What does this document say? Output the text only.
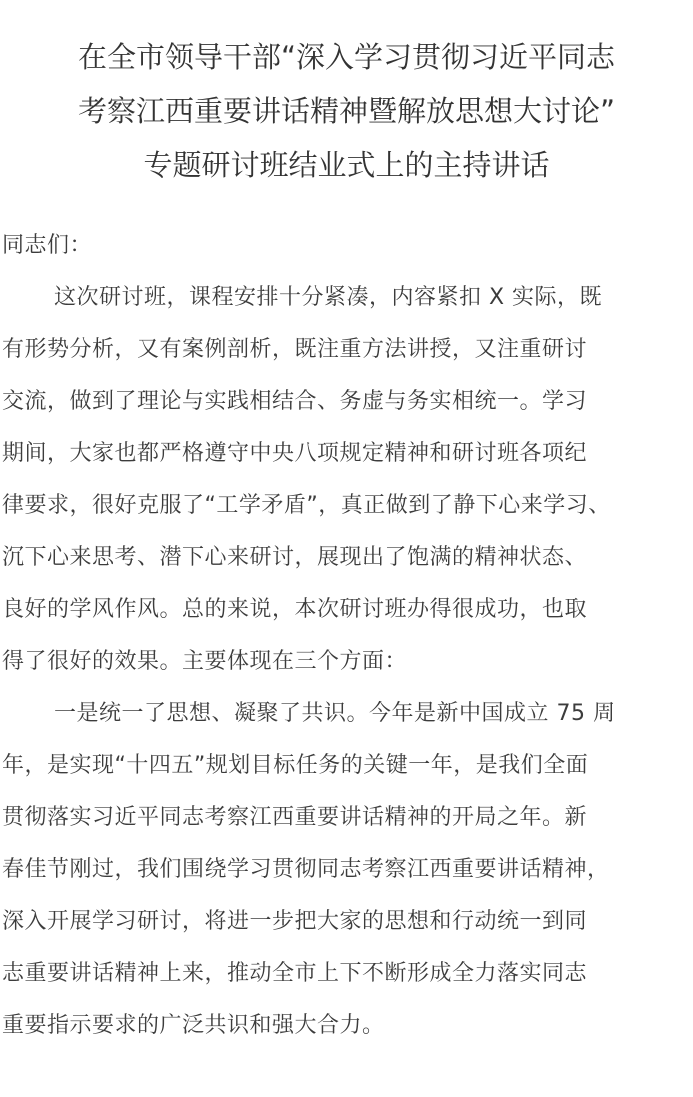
在全市领导干部“深入学习贯彻习近平同志
考察江西重要讲话精神暨解放思想大讨论”
专题研讨班结业式上的主持讲话

同志们：

这次研讨班，课程安排十分紧凑，内容紧扣 X 实际，既
有形势分析，又有案例剖析，既注重方法讲授，又注重研讨
交流，做到了理论与实践相结合、务虚与务实相统一。学习
期间，大家也都严格遵守中央八项规定精神和研讨班各项纪
律要求，很好克服了“工学矛盾”，真正做到了静下心来学习、
沉下心来思考、潜下心来研讨，展现出了饱满的精神状态、
良好的学风作风。总的来说，本次研讨班办得很成功，也取
得了很好的效果。主要体现在三个方面：

一是统一了思想、凝聚了共识。今年是新中国成立 75 周
年，是实现“十四五”规划目标任务的关键一年，是我们全面
贯彻落实习近平同志考察江西重要讲话精神的开局之年。新
春佳节刚过，我们围绕学习贯彻同志考察江西重要讲话精神，
深入开展学习研讨，将进一步把大家的思想和行动统一到同
志重要讲话精神上来，推动全市上下不断形成全力落实同志
重要指示要求的广泛共识和强大合力。
